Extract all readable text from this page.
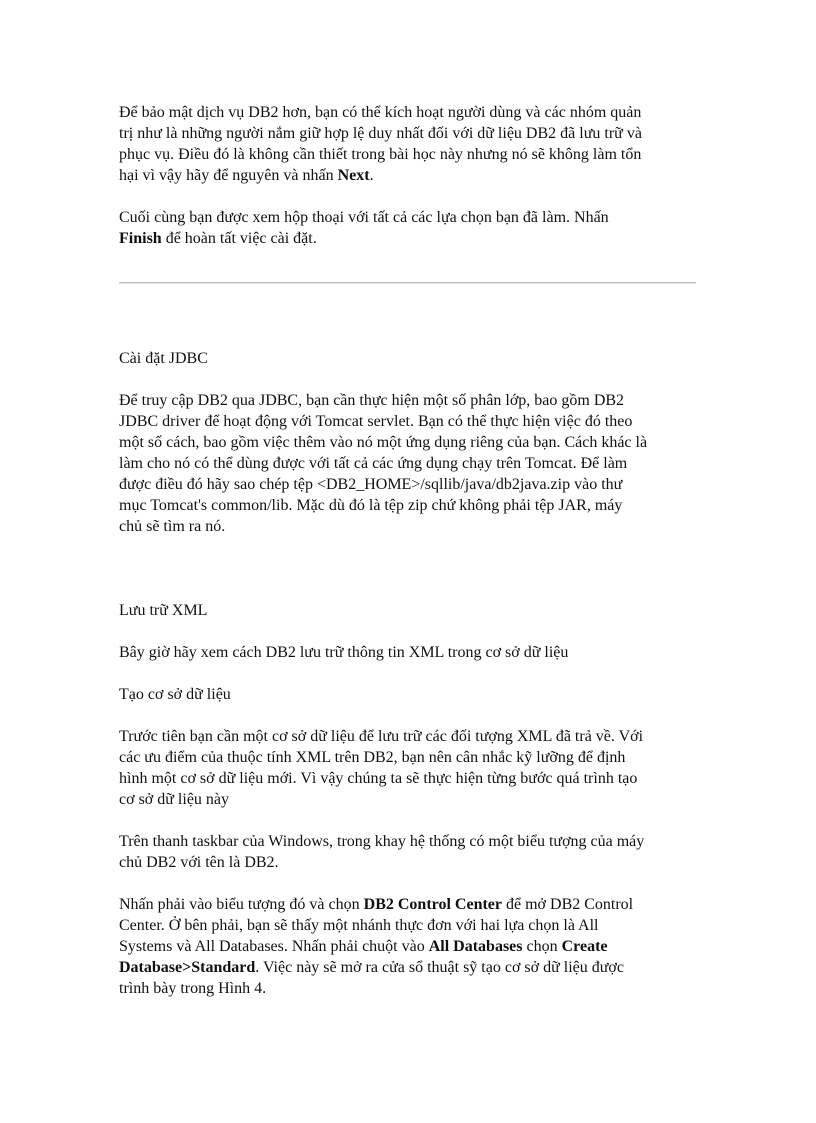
Để bảo mật dịch vụ DB2 hơn, bạn có thể kích hoạt người dùng và các nhóm quản
trị như là những người nắm giữ hợp lệ duy nhất đối với dữ liệu DB2 đã lưu trữ và
phục vụ. Điều đó là không cần thiết trong bài học này nhưng nó sẽ không làm tổn
hại vì vậy hãy để nguyên và nhấn Next.

Cuối cùng bạn được xem hộp thoại với tất cả các lựa chọn bạn đã làm. Nhấn
Finish để hoàn tất việc cài đặt.

Cài đặt JDBC

Để truy cập DB2 qua JDBC, bạn cần thực hiện một số phân lớp, bao gồm DB2
JDBC driver để hoạt động với Tomcat servlet. Bạn có thể thực hiện việc đó theo
một số cách, bao gồm việc thêm vào nó một ứng dụng riêng của bạn. Cách khác là
làm cho nó có thể dùng được với tất cả các ứng dụng chạy trên Tomcat. Để làm
được điều đó hãy sao chép tệp <DB2_HOME>/sqllib/java/db2java.zip vào thư
mục Tomcat's common/lib. Mặc dù đó là tệp zip chứ không phải tệp JAR, máy
chủ sẽ tìm ra nó.

Lưu trữ XML

Bây giờ hãy xem cách DB2 lưu trữ thông tin XML trong cơ sở dữ liệu

Tạo cơ sở dữ liệu

Trước tiên bạn cần một cơ sở dữ liệu để lưu trữ các đối tượng XML đã trả về. Với
các ưu điểm của thuộc tính XML trên DB2, bạn nên cân nhắc kỹ lưỡng để định
hình một cơ sở dữ liệu mới. Vì vậy chúng ta sẽ thực hiện từng bước quá trình tạo
cơ sở dữ liệu này

Trên thanh taskbar của Windows, trong khay hệ thống có một biểu tượng của máy
chủ DB2 với tên là DB2.

Nhấn phải vào biểu tượng đó và chọn DB2 Control Center để mở DB2 Control
Center. Ở bên phải, bạn sẽ thấy một nhánh thực đơn với hai lựa chọn là All
Systems và All Databases. Nhấn phải chuột vào All Databases chọn Create
Database>Standard. Việc này sẽ mở ra cửa sổ thuật sỹ tạo cơ sở dữ liệu được
trình bày trong Hình 4.
